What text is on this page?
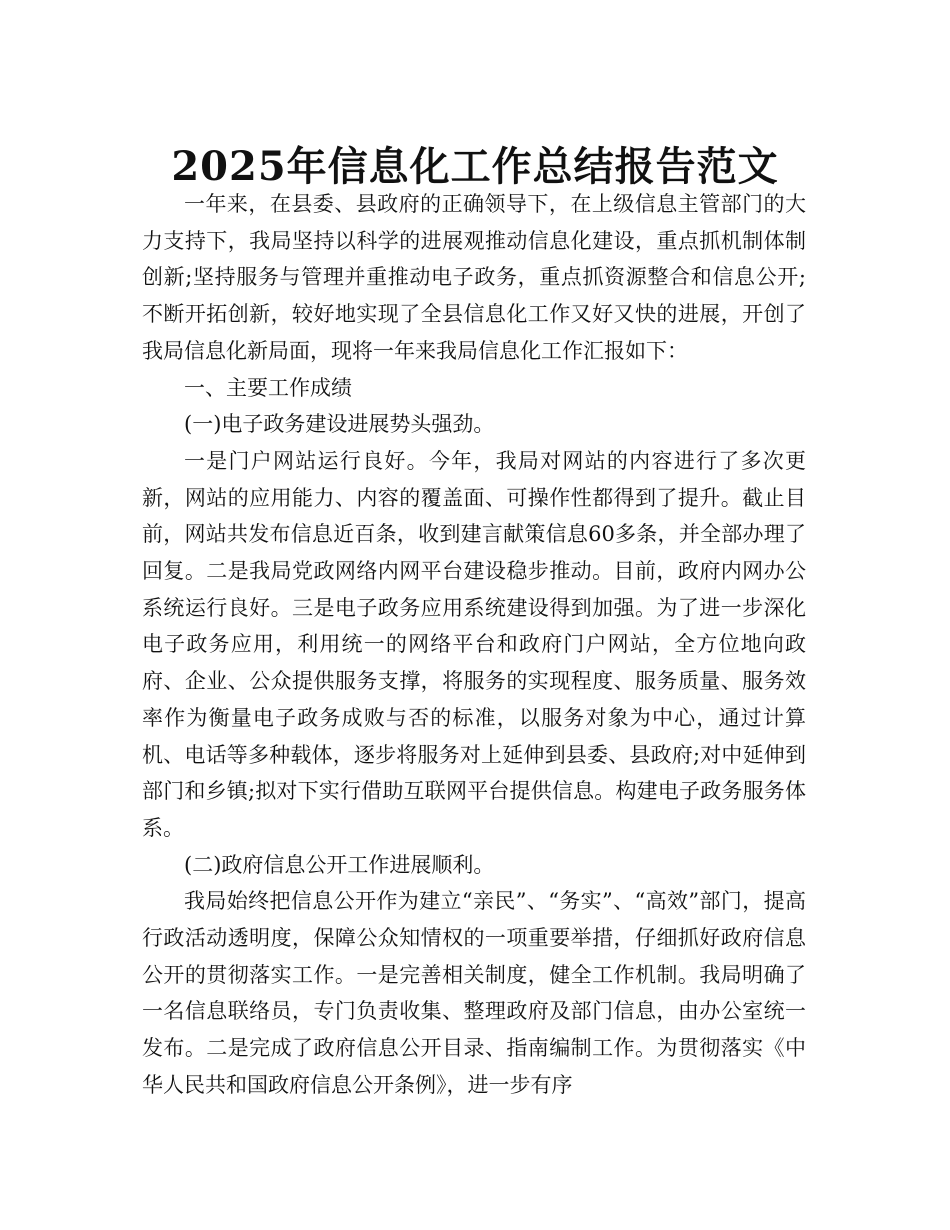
2025年信息化工作总结报告范文

一年来，在县委、县政府的正确领导下，在上级信息主管部门的大力支持下，我局坚持以科学的进展观推动信息化建设，重点抓机制体制创新;坚持服务与管理并重推动电子政务，重点抓资源整合和信息公开;不断开拓创新，较好地实现了全县信息化工作又好又快的进展，开创了我局信息化新局面，现将一年来我局信息化工作汇报如下：

一、主要工作成绩

(一)电子政务建设进展势头强劲。

一是门户网站运行良好。今年，我局对网站的内容进行了多次更新，网站的应用能力、内容的覆盖面、可操作性都得到了提升。截止目前，网站共发布信息近百条，收到建言献策信息60多条，并全部办理了回复。二是我局党政网络内网平台建设稳步推动。目前，政府内网办公系统运行良好。三是电子政务应用系统建设得到加强。为了进一步深化电子政务应用，利用统一的网络平台和政府门户网站，全方位地向政府、企业、公众提供服务支撑，将服务的实现程度、服务质量、服务效率作为衡量电子政务成败与否的标准，以服务对象为中心，通过计算机、电话等多种载体，逐步将服务对上延伸到县委、县政府;对中延伸到部门和乡镇;拟对下实行借助互联网平台提供信息。构建电子政务服务体系。

(二)政府信息公开工作进展顺利。

我局始终把信息公开作为建立“亲民”、“务实”、“高效”部门，提高行政活动透明度，保障公众知情权的一项重要举措，仔细抓好政府信息公开的贯彻落实工作。一是完善相关制度，健全工作机制。我局明确了一名信息联络员，专门负责收集、整理政府及部门信息，由办公室统一发布。二是完成了政府信息公开目录、指南编制工作。为贯彻落实《中华人民共和国政府信息公开条例》，进一步有序
